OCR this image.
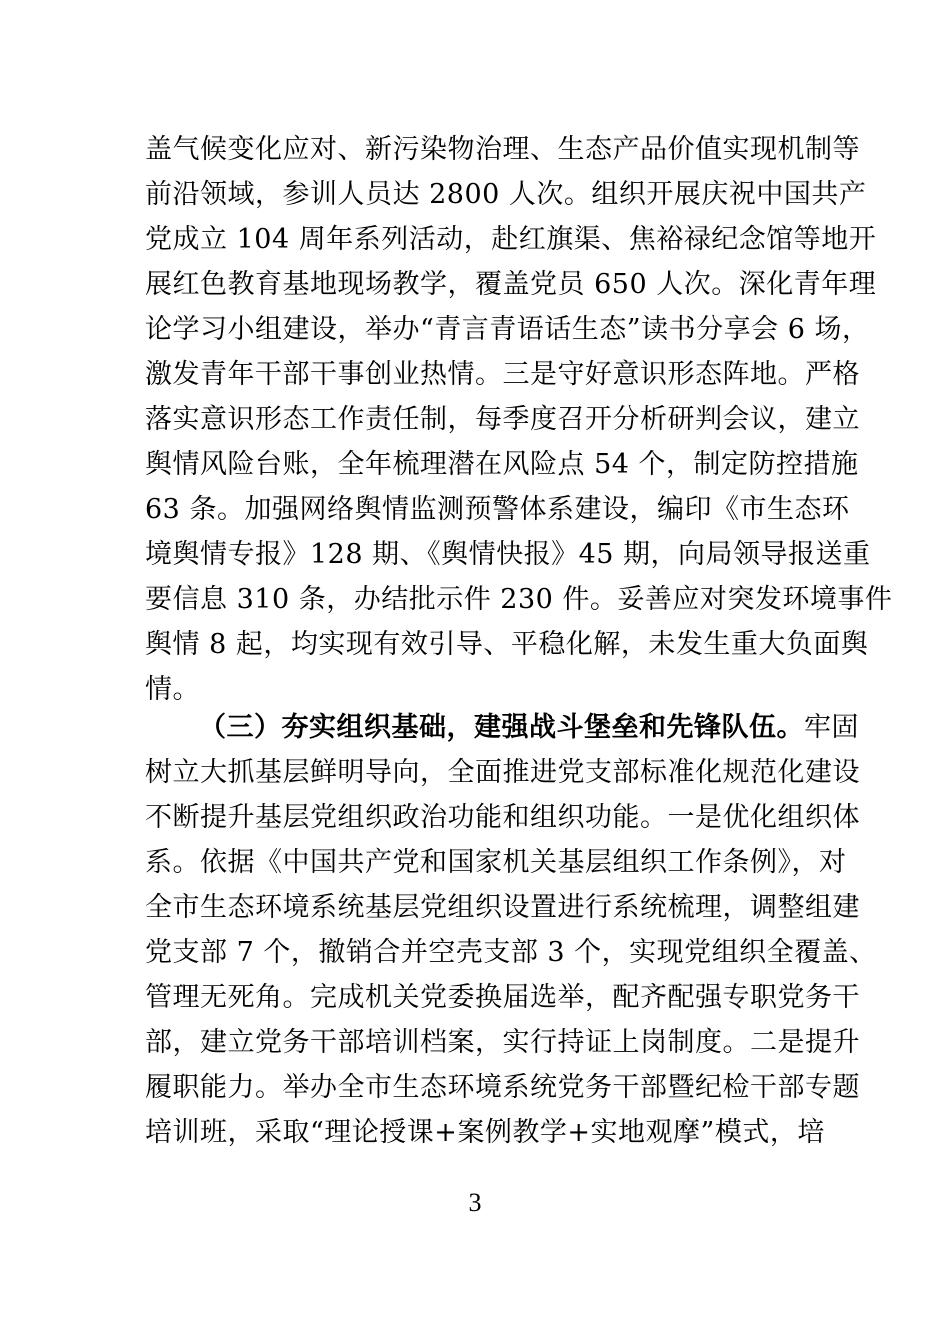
盖气候变化应对、新污染物治理、生态产品价值实现机制等
前沿领域，参训人员达 2800 人次。组织开展庆祝中国共产
党成立 104 周年系列活动，赴红旗渠、焦裕禄纪念馆等地开
展红色教育基地现场教学，覆盖党员 650 人次。深化青年理
论学习小组建设，举办“青言青语话生态”读书分享会 6 场，
激发青年干部干事创业热情。三是守好意识形态阵地。严格
落实意识形态工作责任制，每季度召开分析研判会议，建立
舆情风险台账，全年梳理潜在风险点 54 个，制定防控措施
63 条。加强网络舆情监测预警体系建设，编印《市生态环
境舆情专报》128 期、《舆情快报》45 期，向局领导报送重
要信息 310 条，办结批示件 230 件。妥善应对突发环境事件
舆情 8 起，均实现有效引导、平稳化解，未发生重大负面舆
情。
（三）夯实组织基础，建强战斗堡垒和先锋队伍。牢固
树立大抓基层鲜明导向，全面推进党支部标准化规范化建设
不断提升基层党组织政治功能和组织功能。一是优化组织体
系。依据《中国共产党和国家机关基层组织工作条例》，对
全市生态环境系统基层党组织设置进行系统梳理，调整组建
党支部 7 个，撤销合并空壳支部 3 个，实现党组织全覆盖、
管理无死角。完成机关党委换届选举，配齐配强专职党务干
部，建立党务干部培训档案，实行持证上岗制度。二是提升
履职能力。举办全市生态环境系统党务干部暨纪检干部专题
培训班，采取“理论授课+案例教学+实地观摩”模式，培
3
